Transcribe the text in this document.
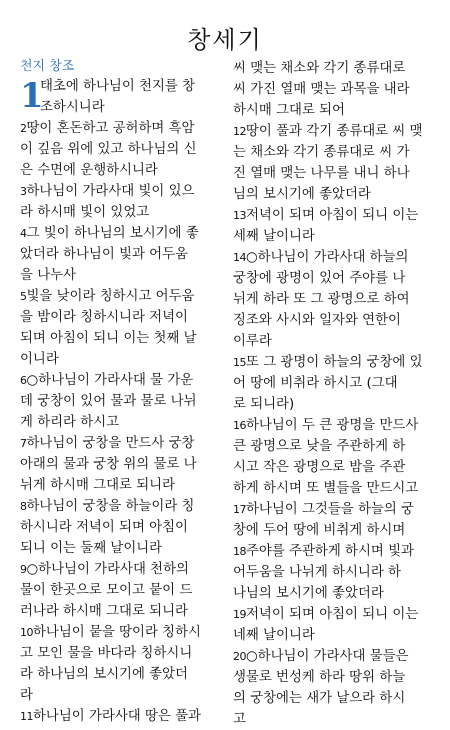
창세기
천지 창조
1
태초에 하나님이 천지를 창
조하시니라
2땅이 혼돈하고 공허하며 흑암
이 깊음 위에 있고 하나님의 신
은 수면에 운행하시니라
3하나님이 가라사대 빛이 있으
라 하시매 빛이 있었고
4그 빛이 하나님의 보시기에 좋
았더라 하나님이 빛과 어두움
을 나누사
5빛을 낮이라 칭하시고 어두움
을 밤이라 칭하시니라 저녁이
되며 아침이 되니 이는 첫째 날
이니라
6○하나님이 가라사대 물 가운
데 궁창이 있어 물과 물로 나뉘
게 하리라 하시고
7하나님이 궁창을 만드사 궁창
아래의 물과 궁창 위의 물로 나
뉘게 하시매 그대로 되니라
8하나님이 궁창을 하늘이라 칭
하시니라 저녁이 되며 아침이
되니 이는 둘째 날이니라
9○하나님이 가라사대 천하의
물이 한곳으로 모이고 뭍이 드
러나라 하시매 그대로 되니라
10하나님이 뭍을 땅이라 칭하시
고 모인 물을 바다라 칭하시니
라 하나님의 보시기에 좋았더
라
11하나님이 가라사대 땅은 풀과
씨 맺는 채소와 각기 종류대로
씨 가진 열매 맺는 과목을 내라
하시매 그대로 되어
12땅이 풀과 각기 종류대로 씨 맺
는 채소와 각기 종류대로 씨 가
진 열매 맺는 나무를 내니 하나
님의 보시기에 좋았더라
13저녁이 되며 아침이 되니 이는
세째 날이니라
14○하나님이 가라사대 하늘의
궁창에 광명이 있어 주야를 나
뉘게 하라 또 그 광명으로 하여
징조와 사시와 일자와 연한이
이루라
15또 그 광명이 하늘의 궁창에 있
어 땅에 비취라 하시고 (그대
로 되니라)
16하나님이 두 큰 광명을 만드사
큰 광명으로 낮을 주관하게 하
시고 작은 광명으로 밤을 주관
하게 하시며 또 별들을 만드시고
17하나님이 그것들을 하늘의 궁
창에 두어 땅에 비취게 하시며
18주야를 주관하게 하시며 빛과
어두움을 나뉘게 하시니라 하
나님의 보시기에 좋았더라
19저녁이 되며 아침이 되니 이는
네째 날이니라
20○하나님이 가라사대 물들은
생물로 번성케 하라 땅위 하늘
의 궁창에는 새가 날으라 하시
고
